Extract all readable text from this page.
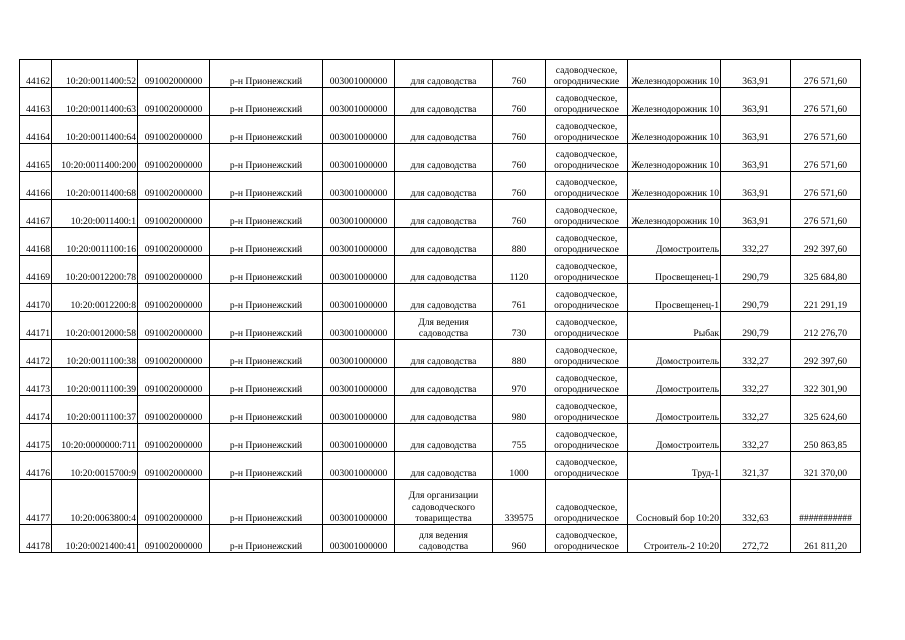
44162	10:20:0011400:52	091002000000	р-н Прионежский	003001000000	для садоводства	760	садоводческое, огороднические	Железнодорожник 10	363,91	276 571,60
44163	10:20:0011400:63	091002000000	р-н Прионежский	003001000000	для садоводства	760	садоводческое, огородническое	Железнодорожник 10	363,91	276 571,60
44164	10:20:0011400:64	091002000000	р-н Прионежский	003001000000	для садоводства	760	садоводческое, огородническое	Железнодорожник 10	363,91	276 571,60
44165	10:20:0011400:200	091002000000	р-н Прионежский	003001000000	для садоводства	760	садоводческое, огородническое	Железнодорожник 10	363,91	276 571,60
44166	10:20:0011400:68	091002000000	р-н Прионежский	003001000000	для садоводства	760	садоводческое, огородническое	Железнодорожник 10	363,91	276 571,60
44167	10:20:0011400:1	091002000000	р-н Прионежский	003001000000	для садоводства	760	садоводческое, огородническое	Железнодорожник 10	363,91	276 571,60
44168	10:20:0011100:16	091002000000	р-н Прионежский	003001000000	для садоводства	880	садоводческое, огородническое	Домостроитель	332,27	292 397,60
44169	10:20:0012200:78	091002000000	р-н Прионежский	003001000000	для садоводства	1120	садоводческое, огородническое	Просвещенец-1	290,79	325 684,80
44170	10:20:0012200:8	091002000000	р-н Прионежский	003001000000	для садоводства	761	садоводческое, огородническое	Просвещенец-1	290,79	221 291,19
44171	10:20:0012000:58	091002000000	р-н Прионежский	003001000000	Для ведения садоводства	730	садоводческое, огородническое	Рыбак	290,79	212 276,70
44172	10:20:0011100:38	091002000000	р-н Прионежский	003001000000	для садоводства	880	садоводческое, огородническое	Домостроитель	332,27	292 397,60
44173	10:20:0011100:39	091002000000	р-н Прионежский	003001000000	для садоводства	970	садоводческое, огородническое	Домостроитель	332,27	322 301,90
44174	10:20:0011100:37	091002000000	р-н Прионежский	003001000000	для садоводства	980	садоводческое, огородническое	Домостроитель	332,27	325 624,60
44175	10:20:0000000:711	091002000000	р-н Прионежский	003001000000	для садоводства	755	садоводческое, огородническое	Домостроитель	332,27	250 863,85
44176	10:20:0015700:9	091002000000	р-н Прионежский	003001000000	для садоводства	1000	садоводческое, огородническое	Труд-1	321,37	321 370,00
44177	10:20:0063800:4	091002000000	р-н Прионежский	003001000000	Для организации садоводческого товарищества	339575	садоводческое, огородническое	Сосновый бор 10:20	332,63	###########
44178	10:20:0021400:41	091002000000	р-н Прионежский	003001000000	для ведения садоводства	960	садоводческое, огородническое	Строитель-2 10:20	272,72	261 811,20
